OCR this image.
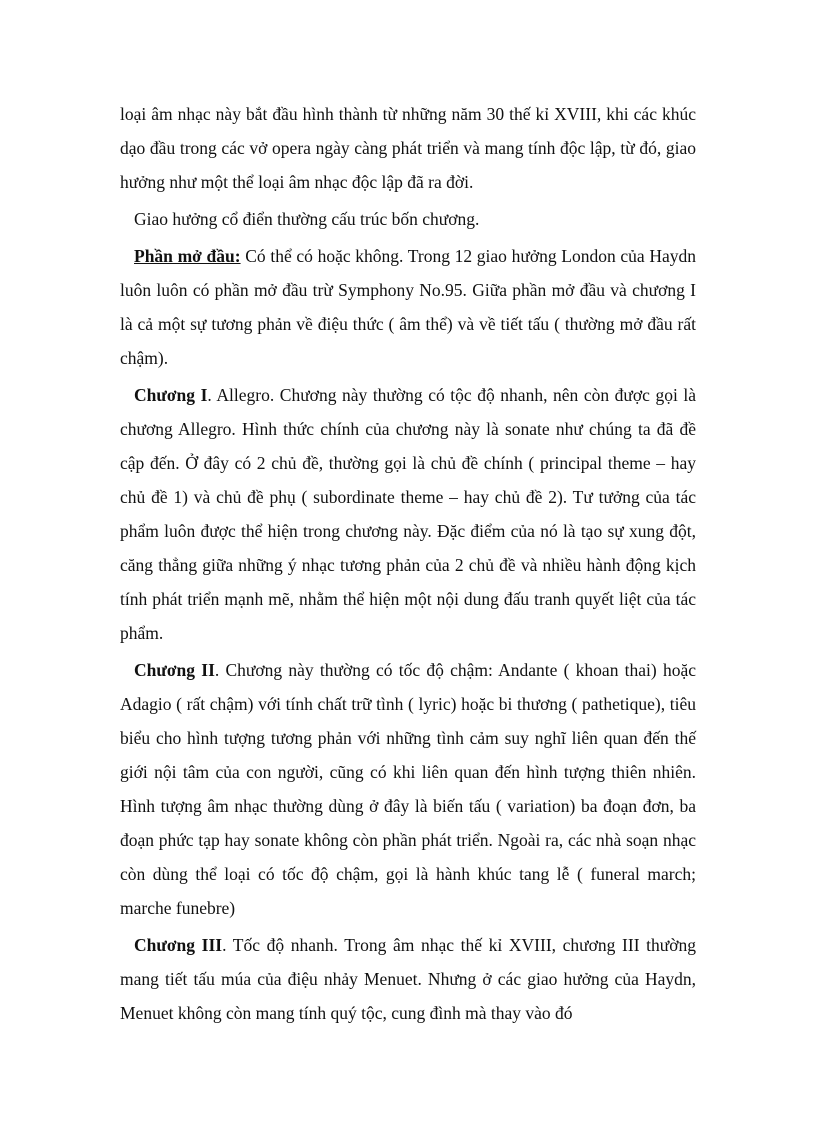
loại âm nhạc này bắt đầu hình thành từ những năm 30 thế kỉ XVIII, khi các khúc dạo đầu trong các vở opera ngày càng phát triển và mang tính độc lập, từ đó, giao hưởng như một thể loại âm nhạc độc lập đã ra đời.

Giao hưởng cổ điển thường cấu trúc bốn chương.

Phần mở đầu: Có thể có hoặc không. Trong 12 giao hưởng London của Haydn luôn luôn có phần mở đầu trừ Symphony No.95. Giữa phần mở đầu và chương I là cả một sự tương phản về điệu thức ( âm thể) và về tiết tấu ( thường mở đầu rất chậm).

Chương I. Allegro. Chương này thường có tộc độ nhanh, nên còn được gọi là chương Allegro. Hình thức chính của chương này là sonate như chúng ta đã đề cập đến. Ở đây có 2 chủ đề, thường gọi là chủ đề chính ( principal theme – hay chủ đề 1) và chủ đề phụ ( subordinate theme – hay chủ đề 2). Tư tưởng của tác phẩm luôn được thể hiện trong chương này. Đặc điểm của nó là tạo sự xung đột, căng thẳng giữa những ý nhạc tương phản của 2 chủ đề và nhiều hành động kịch tính phát triển mạnh mẽ, nhằm thể hiện một nội dung đấu tranh quyết liệt của tác phẩm.

Chương II. Chương này thường có tốc độ chậm: Andante ( khoan thai) hoặc Adagio ( rất chậm) với tính chất trữ tình ( lyric) hoặc bi thương ( pathetique), tiêu biểu cho hình tượng tương phản với những tình cảm suy nghĩ liên quan đến thế giới nội tâm của con người, cũng có khi liên quan đến hình tượng thiên nhiên. Hình tượng âm nhạc thường dùng ở đây là biến tấu ( variation) ba đoạn đơn, ba đoạn phức tạp hay sonate không còn phần phát triển. Ngoài ra, các nhà soạn nhạc còn dùng thể loại có tốc độ chậm, gọi là hành khúc tang lễ ( funeral march; marche funebre)

Chương III. Tốc độ nhanh. Trong âm nhạc thế kỉ XVIII, chương III thường mang tiết tấu múa của điệu nhảy Menuet. Nhưng ở các giao hưởng của Haydn, Menuet không còn mang tính quý tộc, cung đình mà thay vào đó
